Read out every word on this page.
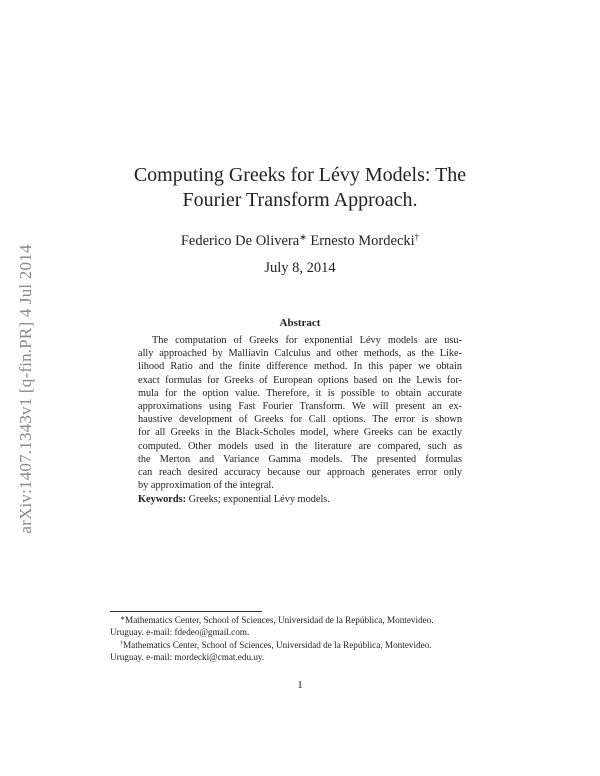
arXiv:1407.1343v1 [q-fin.PR] 4 Jul 2014
Computing Greeks for Lévy Models: The
Fourier Transform Approach.
Federico De Olivera∗ Ernesto Mordecki†
July 8, 2014
Abstract
The computation of Greeks for exponential Lévy models are usu-
ally approached by Malliavin Calculus and other methods, as the Like-
lihood Ratio and the finite difference method. In this paper we obtain
exact formulas for Greeks of European options based on the Lewis for-
mula for the option value. Therefore, it is possible to obtain accurate
approximations using Fast Fourier Transform. We will present an ex-
haustive development of Greeks for Call options. The error is shown
for all Greeks in the Black-Scholes model, where Greeks can be exactly
computed. Other models used in the literature are compared, such as
the Merton and Variance Gamma models. The presented formulas
can reach desired accuracy because our approach generates error only
by approximation of the integral.
Keywords: Greeks; exponential Lévy models.
∗Mathematics Center, School of Sciences, Universidad de la República, Montevideo.
Uruguay. e-mail: fdedeo@gmail.com.
†Mathematics Center, School of Sciences, Universidad de la República, Montevideo.
Uruguay. e-mail: mordecki@cmat.edu.uy.
1
